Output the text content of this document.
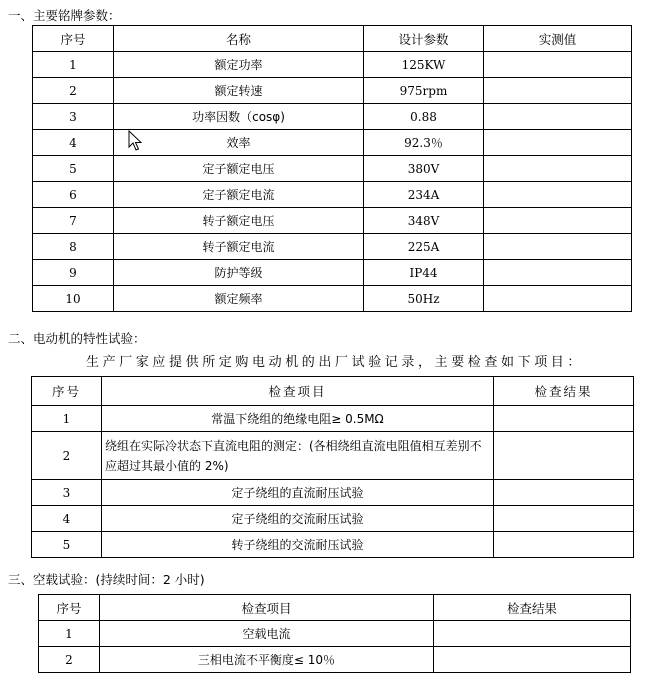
一、主要铭牌参数：
序号	名称	设计参数	实测值
1	额定功率	125KW	
2	额定转速	975rpm	
3	功率因数（cosφ)	0.88	
4	效率	92.3％	
5	定子额定电压	380V	
6	定子额定电流	234A	
7	转子额定电压	348V	
8	转子额定电流	225A	
9	防护等级	IP44	
10	额定频率	50Hz	
二、电动机的特性试验：
生产厂家应提供所定购电动机的出厂试验记录，主要检查如下项目：
序号	检查项目	检查结果
1	常温下绕组的绝缘电阻≥ 0.5MΩ	
2	绕组在实际冷状态下直流电阻的测定：(各相绕组直流电阻值相互差别不应超过其最小值的 2%)	
3	定子绕组的直流耐压试验	
4	定子绕组的交流耐压试验	
5	转子绕组的交流耐压试验	
三、空载试验：(持续时间：2 小时)
序号	检查项目	检查结果
1	空载电流	
2	三相电流不平衡度≤ 10％	
